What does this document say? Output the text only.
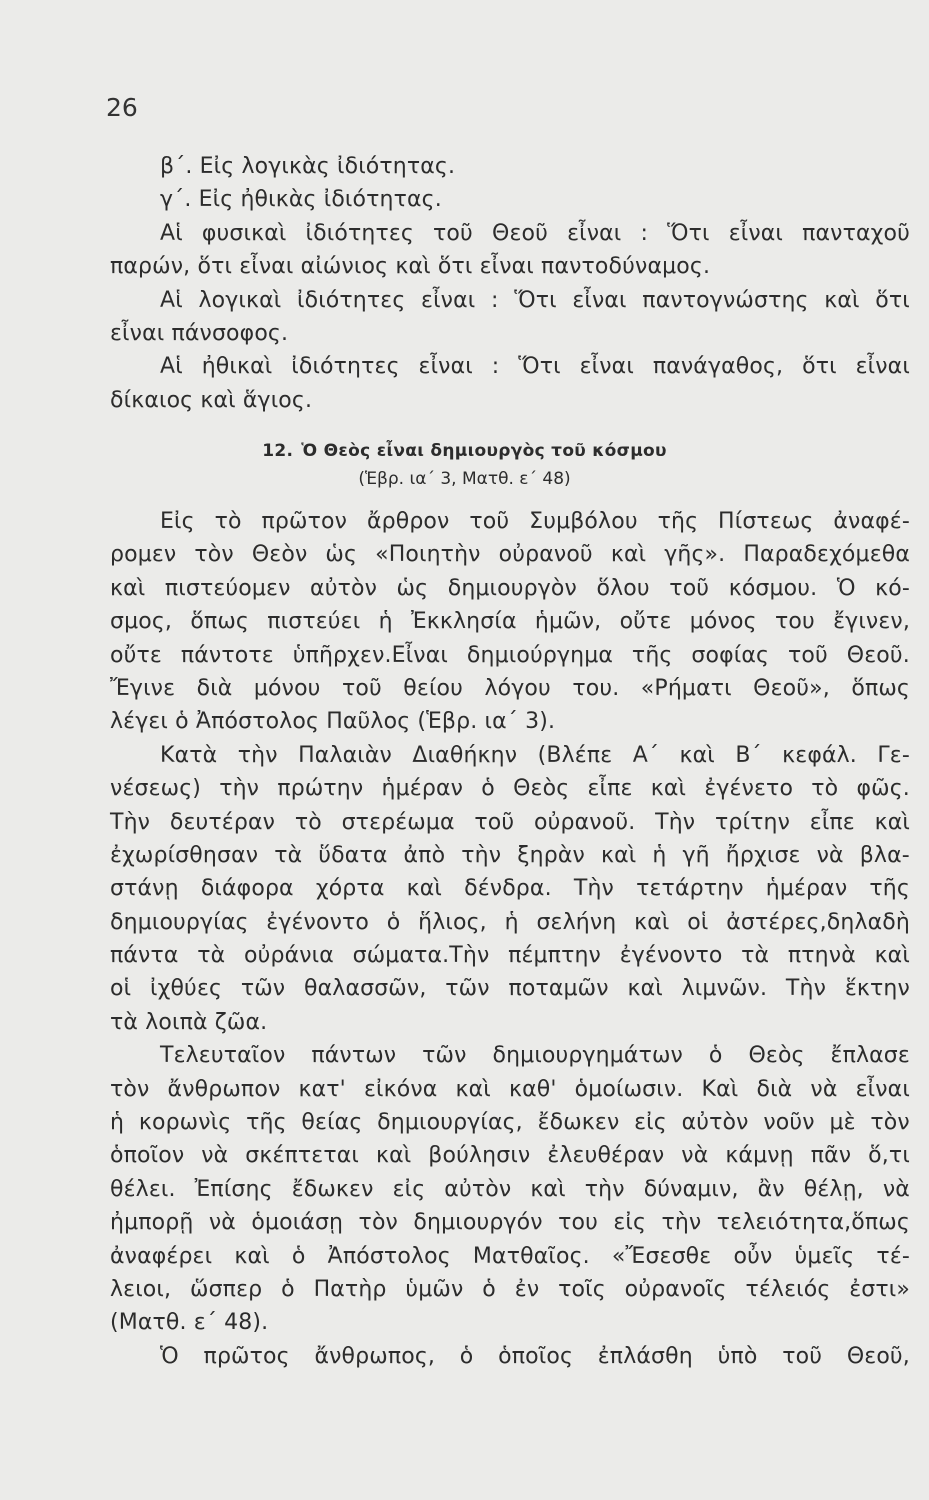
26
β΄. Εἰς λογικὰς ἰδιότητας.
γ΄. Εἰς ἠθικὰς ἰδιότητας.
Αἱ φυσικαὶ ἰδιότητες τοῦ Θεοῦ εἶναι : Ὅτι εἶναι πανταχοῦ
παρών, ὅτι εἶναι αἰώνιος καὶ ὅτι εἶναι παντοδύναμος.
Αἱ λογικαὶ ἰδιότητες εἶναι : Ὅτι εἶναι παντογνώστης καὶ ὅτι
εἶναι πάνσοφος.
Αἱ ἠθικαὶ ἰδιότητες εἶναι : Ὅτι εἶναι πανάγαθος, ὅτι εἶναι
δίκαιος καὶ ἅγιος.
12. Ὁ Θεὸς εἶναι δημιουργὸς τοῦ κόσμου
(Ἑβρ. ια΄ 3, Ματθ. ε΄ 48)
Εἰς τὸ πρῶτον ἄρθρον τοῦ Συμβόλου τῆς Πίστεως ἀναφέ-
ρομεν τὸν Θεὸν ὡς «Ποιητὴν οὐρανοῦ καὶ γῆς». Παραδεχόμεθα
καὶ πιστεύομεν αὐτὸν ὡς δημιουργὸν ὅλου τοῦ κόσμου. Ὁ κό-
σμος, ὅπως πιστεύει ἡ Ἐκκλησία ἡμῶν, οὔτε μόνος του ἔγινεν,
οὔτε πάντοτε ὑπῆρχεν.Εἶναι δημιούργημα τῆς σοφίας τοῦ Θεοῦ.
Ἔγινε διὰ μόνου τοῦ θείου λόγου του. «Ρήματι Θεοῦ», ὅπως
λέγει ὁ Ἀπόστολος Παῦλος (Ἑβρ. ια΄ 3).
Κατὰ τὴν Παλαιὰν Διαθήκην (Βλέπε Α΄ καὶ Β΄ κεφάλ. Γε-
νέσεως) τὴν πρώτην ἡμέραν ὁ Θεὸς εἶπε καὶ ἐγένετο τὸ φῶς.
Τὴν δευτέραν τὸ στερέωμα τοῦ οὐρανοῦ. Τὴν τρίτην εἶπε καὶ
ἐχωρίσθησαν τὰ ὕδατα ἀπὸ τὴν ξηρὰν καὶ ἡ γῆ ἤρχισε νὰ βλα-
στάνῃ διάφορα χόρτα καὶ δένδρα. Τὴν τετάρτην ἡμέραν τῆς
δημιουργίας ἐγένοντο ὁ ἥλιος, ἡ σελήνη καὶ οἱ ἀστέρες,δηλαδὴ
πάντα τὰ οὐράνια σώματα.Τὴν πέμπτην ἐγένοντο τὰ πτηνὰ καὶ
οἱ ἰχθύες τῶν θαλασσῶν, τῶν ποταμῶν καὶ λιμνῶν. Τὴν ἕκτην
τὰ λοιπὰ ζῶα.
Τελευταῖον πάντων τῶν δημιουργημάτων ὁ Θεὸς ἔπλασε
τὸν ἄνθρωπον κατ' εἰκόνα καὶ καθ' ὁμοίωσιν. Καὶ διὰ νὰ εἶναι
ἡ κορωνὶς τῆς θείας δημιουργίας, ἔδωκεν εἰς αὐτὸν νοῦν μὲ τὸν
ὁποῖον νὰ σκέπτεται καὶ βούλησιν ἐλευθέραν νὰ κάμνῃ πᾶν ὅ,τι
θέλει. Ἐπίσης ἔδωκεν εἰς αὐτὸν καὶ τὴν δύναμιν, ἂν θέλῃ, νὰ
ἠμπορῇ νὰ ὁμοιάσῃ τὸν δημιουργόν του εἰς τὴν τελειότητα,ὅπως
ἀναφέρει καὶ ὁ Ἀπόστολος Ματθαῖος. «Ἔσεσθε οὖν ὑμεῖς τέ-
λειοι, ὥσπερ ὁ Πατὴρ ὑμῶν ὁ ἐν τοῖς οὐρανοῖς τέλειός ἐστι»
(Ματθ. ε΄ 48).
Ὁ πρῶτος ἄνθρωπος, ὁ ὁποῖος ἐπλάσθη ὑπὸ τοῦ Θεοῦ,
